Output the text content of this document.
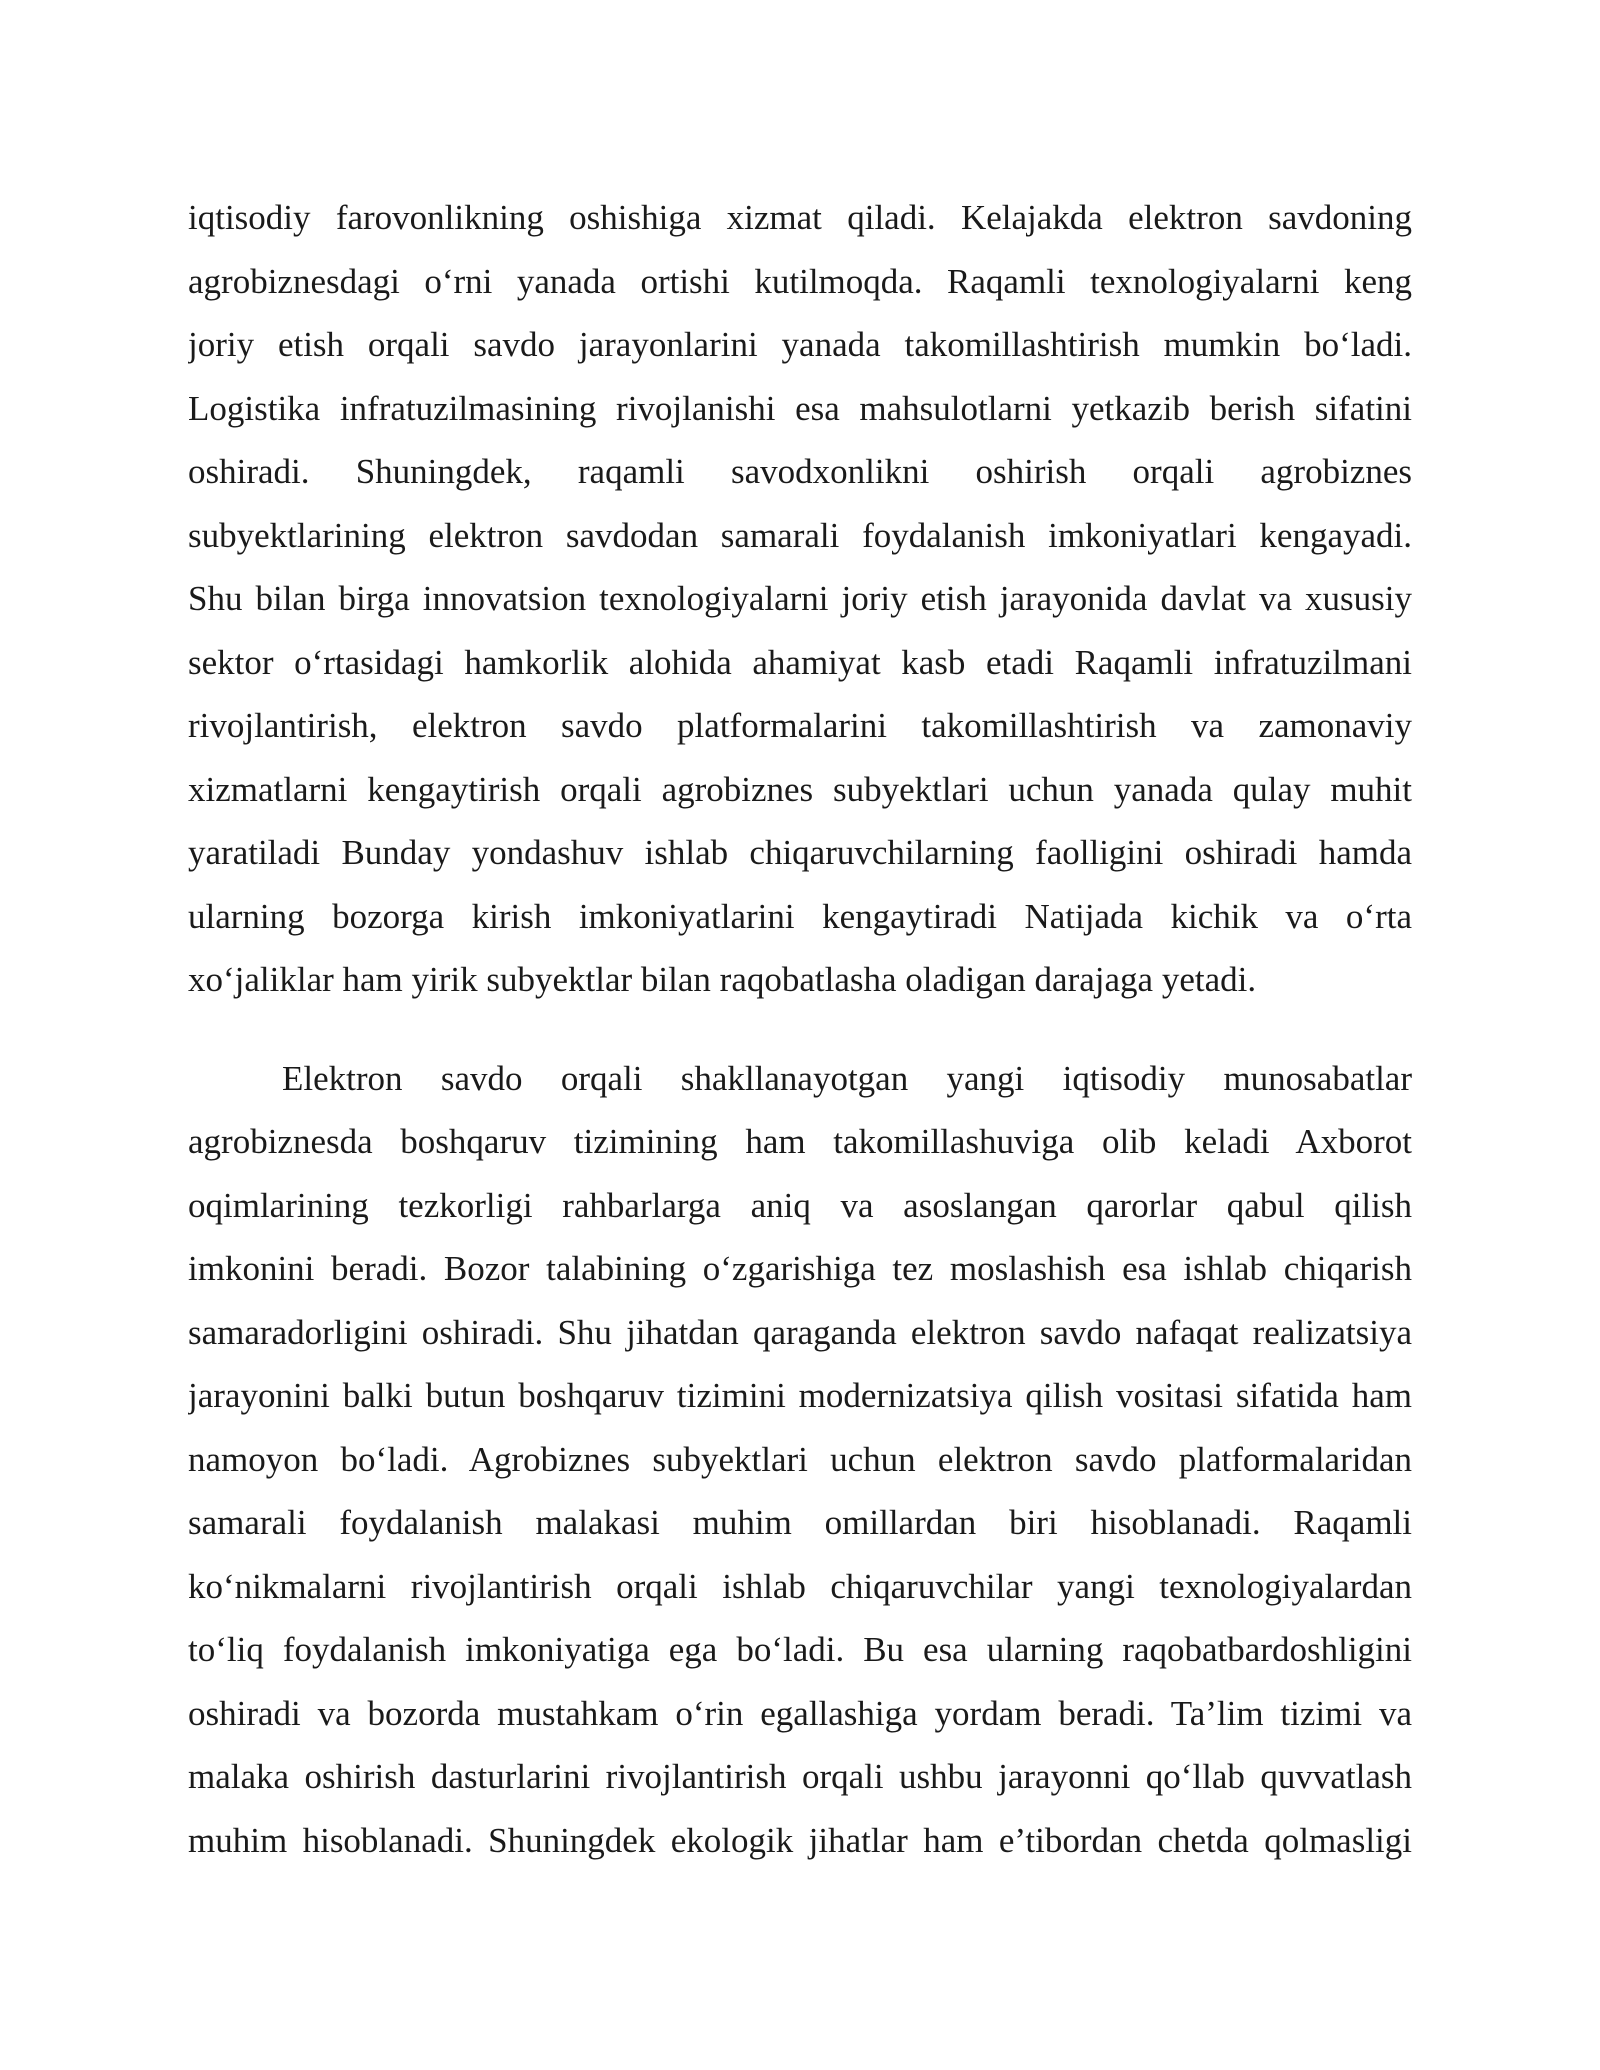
iqtisodiy farovonlikning oshishiga xizmat qiladi. Kelajakda elektron savdoning
agrobiznesdagi o‘rni yanada ortishi kutilmoqda. Raqamli texnologiyalarni keng
joriy etish orqali savdo jarayonlarini yanada takomillashtirish mumkin bo‘ladi.
Logistika infratuzilmasining rivojlanishi esa mahsulotlarni yetkazib berish sifatini
oshiradi. Shuningdek, raqamli savodxonlikni oshirish orqali agrobiznes
subyektlarining elektron savdodan samarali foydalanish imkoniyatlari kengayadi.
Shu bilan birga innovatsion texnologiyalarni joriy etish jarayonida davlat va xususiy
sektor o‘rtasidagi hamkorlik alohida ahamiyat kasb etadi Raqamli infratuzilmani
rivojlantirish, elektron savdo platformalarini takomillashtirish va zamonaviy
xizmatlarni kengaytirish orqali agrobiznes subyektlari uchun yanada qulay muhit
yaratiladi Bunday yondashuv ishlab chiqaruvchilarning faolligini oshiradi hamda
ularning bozorga kirish imkoniyatlarini kengaytiradi Natijada kichik va o‘rta
xo‘jaliklar ham yirik subyektlar bilan raqobatlasha oladigan darajaga yetadi.

Elektron savdo orqali shakllanayotgan yangi iqtisodiy munosabatlar
agrobiznesda boshqaruv tizimining ham takomillashuviga olib keladi Axborot
oqimlarining tezkorligi rahbarlarga aniq va asoslangan qarorlar qabul qilish
imkonini beradi. Bozor talabining o‘zgarishiga tez moslashish esa ishlab chiqarish
samaradorligini oshiradi. Shu jihatdan qaraganda elektron savdo nafaqat realizatsiya
jarayonini balki butun boshqaruv tizimini modernizatsiya qilish vositasi sifatida ham
namoyon bo‘ladi. Agrobiznes subyektlari uchun elektron savdo platformalaridan
samarali foydalanish malakasi muhim omillardan biri hisoblanadi. Raqamli
ko‘nikmalarni rivojlantirish orqali ishlab chiqaruvchilar yangi texnologiyalardan
to‘liq foydalanish imkoniyatiga ega bo‘ladi. Bu esa ularning raqobatbardoshligini
oshiradi va bozorda mustahkam o‘rin egallashiga yordam beradi. Ta’lim tizimi va
malaka oshirish dasturlarini rivojlantirish orqali ushbu jarayonni qo‘llab quvvatlash
muhim hisoblanadi. Shuningdek ekologik jihatlar ham e’tibordan chetda qolmasligi
